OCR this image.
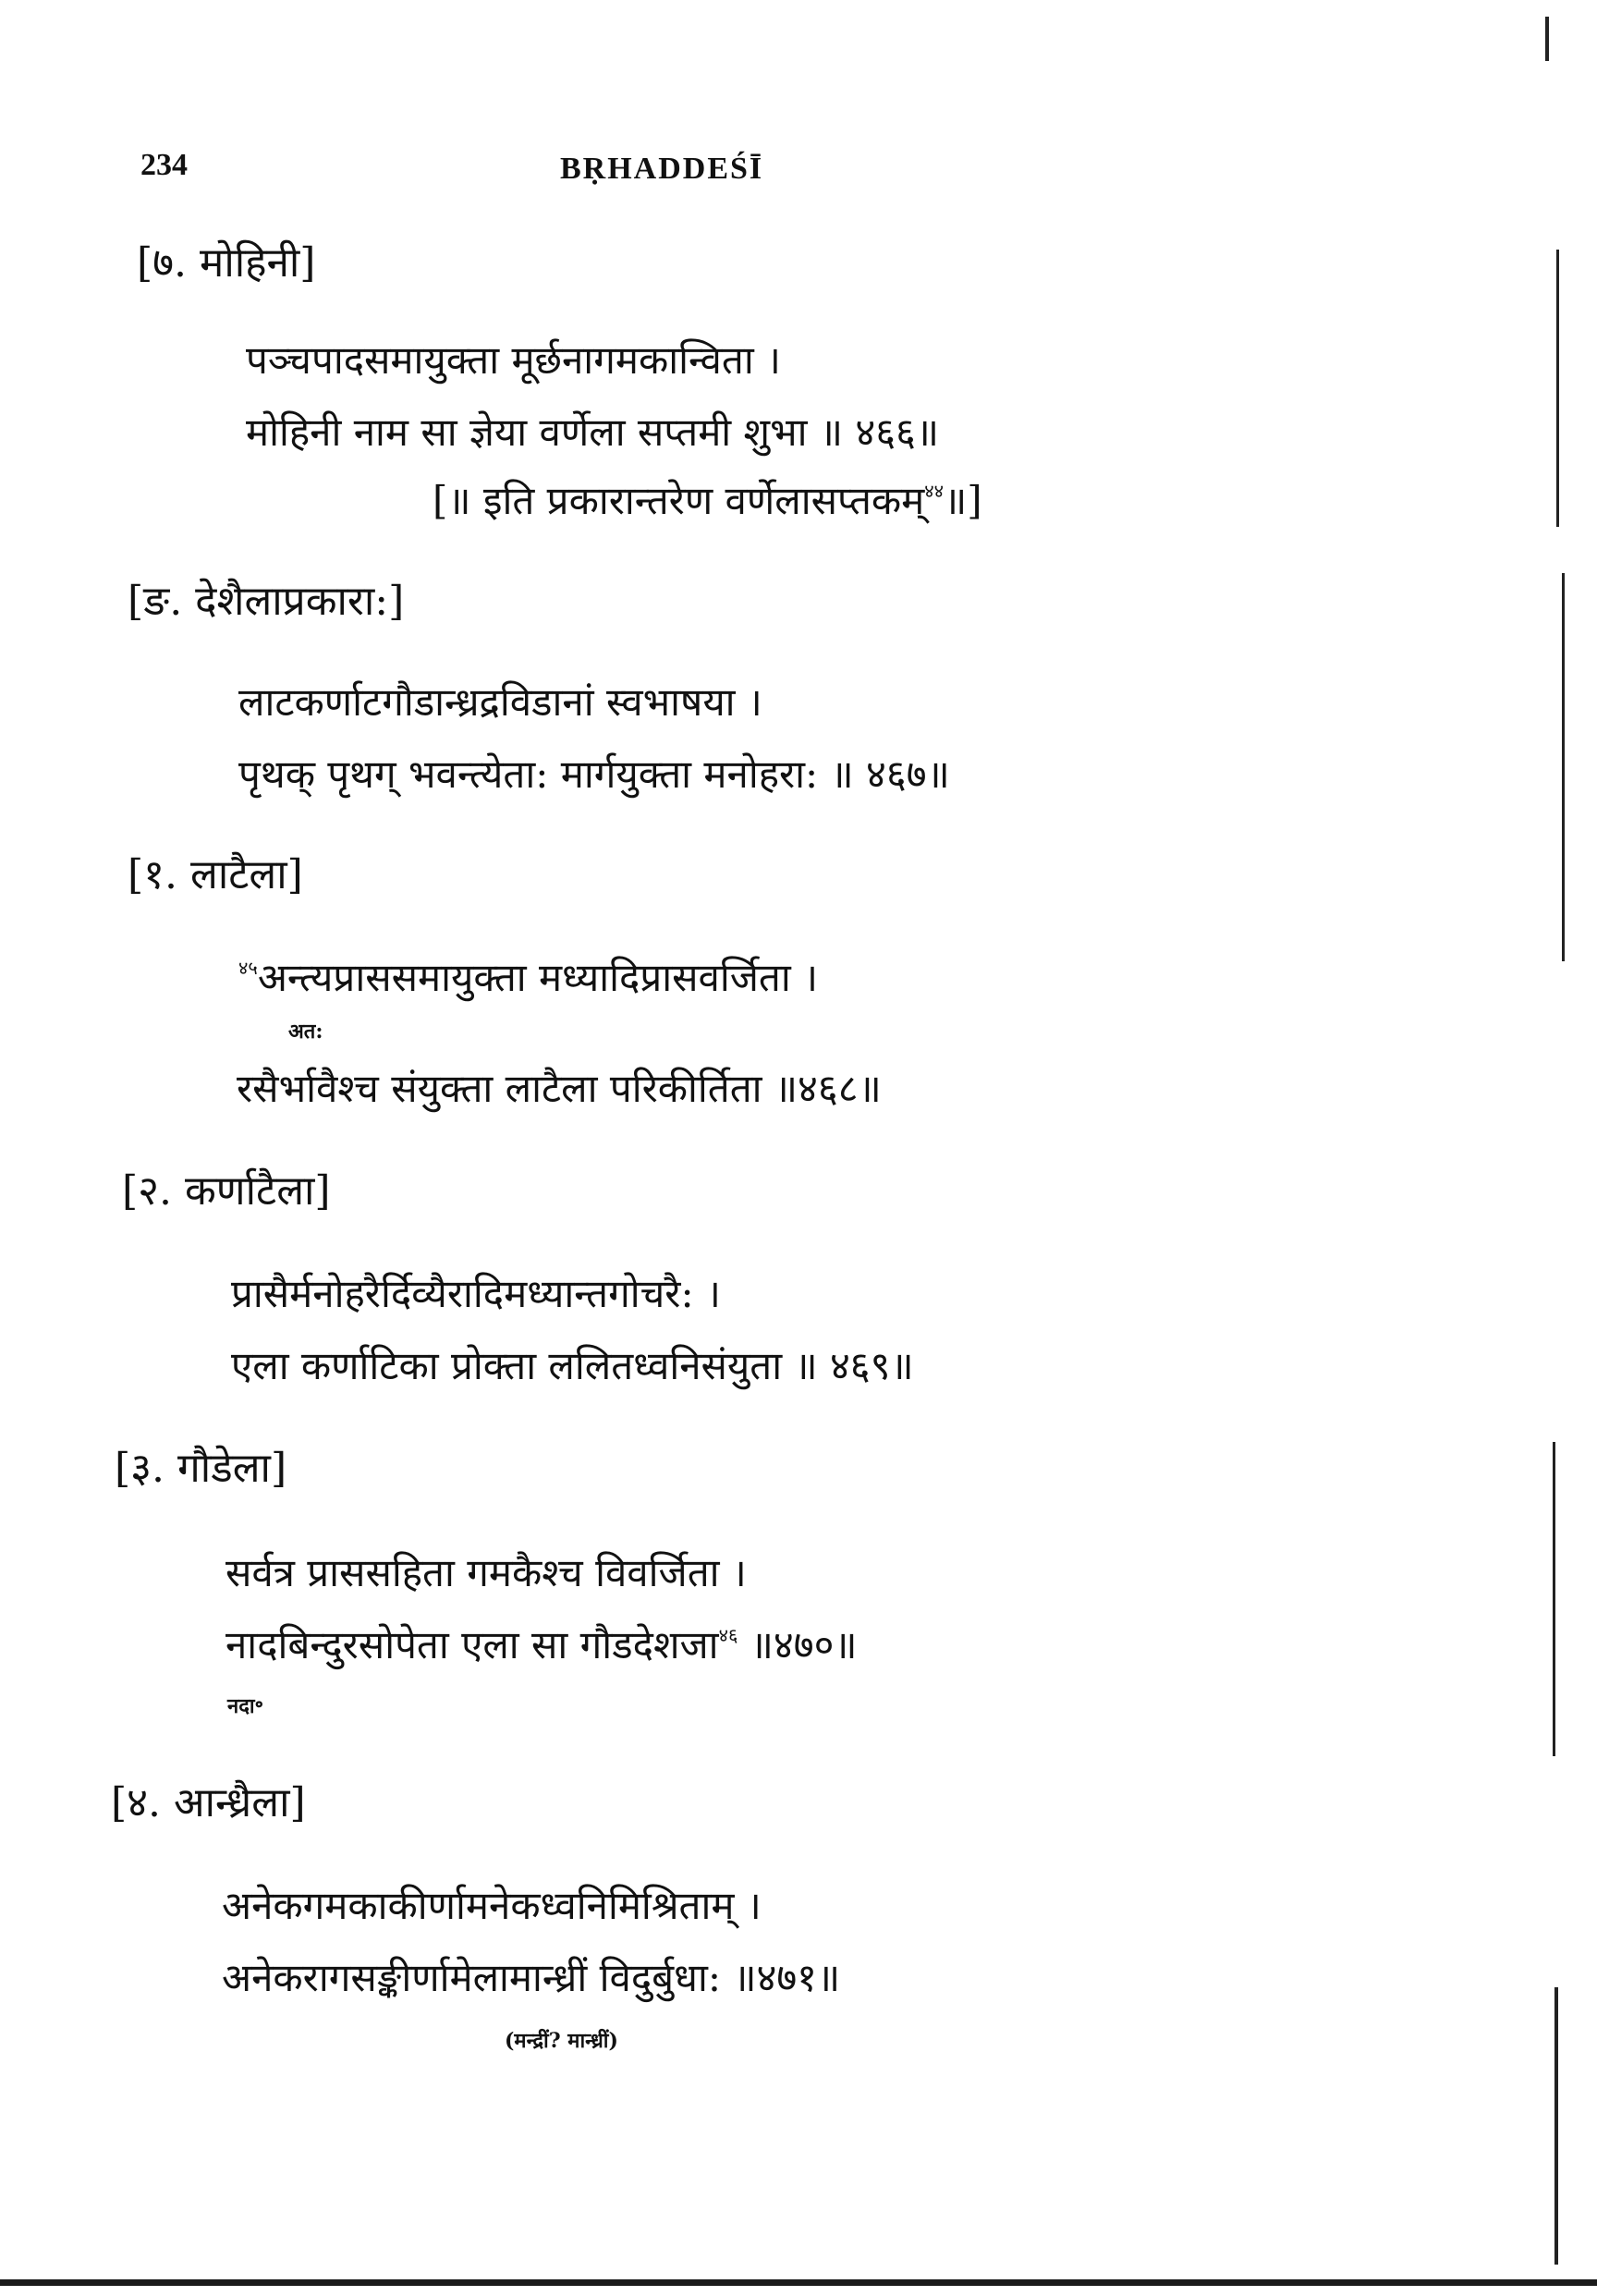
234	BṚHADDEŚĪ
[७. मोहिनी]
पञ्चपादसमायुक्ता मूर्छनागमकान्विता ।
मोहिनी नाम सा ज्ञेया वर्णेला सप्तमी शुभा ॥ ४६६॥
[॥ इति प्रकारान्तरेण वर्णेलासप्तकम्$^{४४}$॥]
[ङ. देशैलाप्रकारा:]
लाटकर्णाटगौडान्ध्रद्रविडानां स्वभाषया ।
पृथक् पृथग् भवन्त्येता: मार्गयुक्ता मनोहरा: ॥ ४६७॥
[१. लाटैला]
$^{४५}$अन्त्यप्राससमायुक्ता मध्यादिप्रासवर्जिता ।
अत:
रसैर्भावैश्च संयुक्ता लाटैला परिकीर्तिता ॥४६८॥
[२. कर्णाटैला]
प्रासैर्मनोहरैर्दिव्यैरादिमध्यान्तगोचरै: ।
एला कर्णाटिका प्रोक्ता ललितध्वनिसंयुता ॥ ४६९॥
[३. गौडेला]
सर्वत्र प्राससहिता गमकैश्च विवर्जिता ।
नादबिन्दुरसोपेता एला सा गौडदेशजा$^{४६}$ ॥४७०॥
नदा॰
[४. आन्ध्रैला]
अनेकगमकाकीर्णामनेकध्वनिमिश्रिताम् ।
अनेकरागसङ्कीर्णामेलामान्ध्रीं विदुर्बुधा: ॥४७१॥
(मन्द्रीं? मान्ध्रीं)
